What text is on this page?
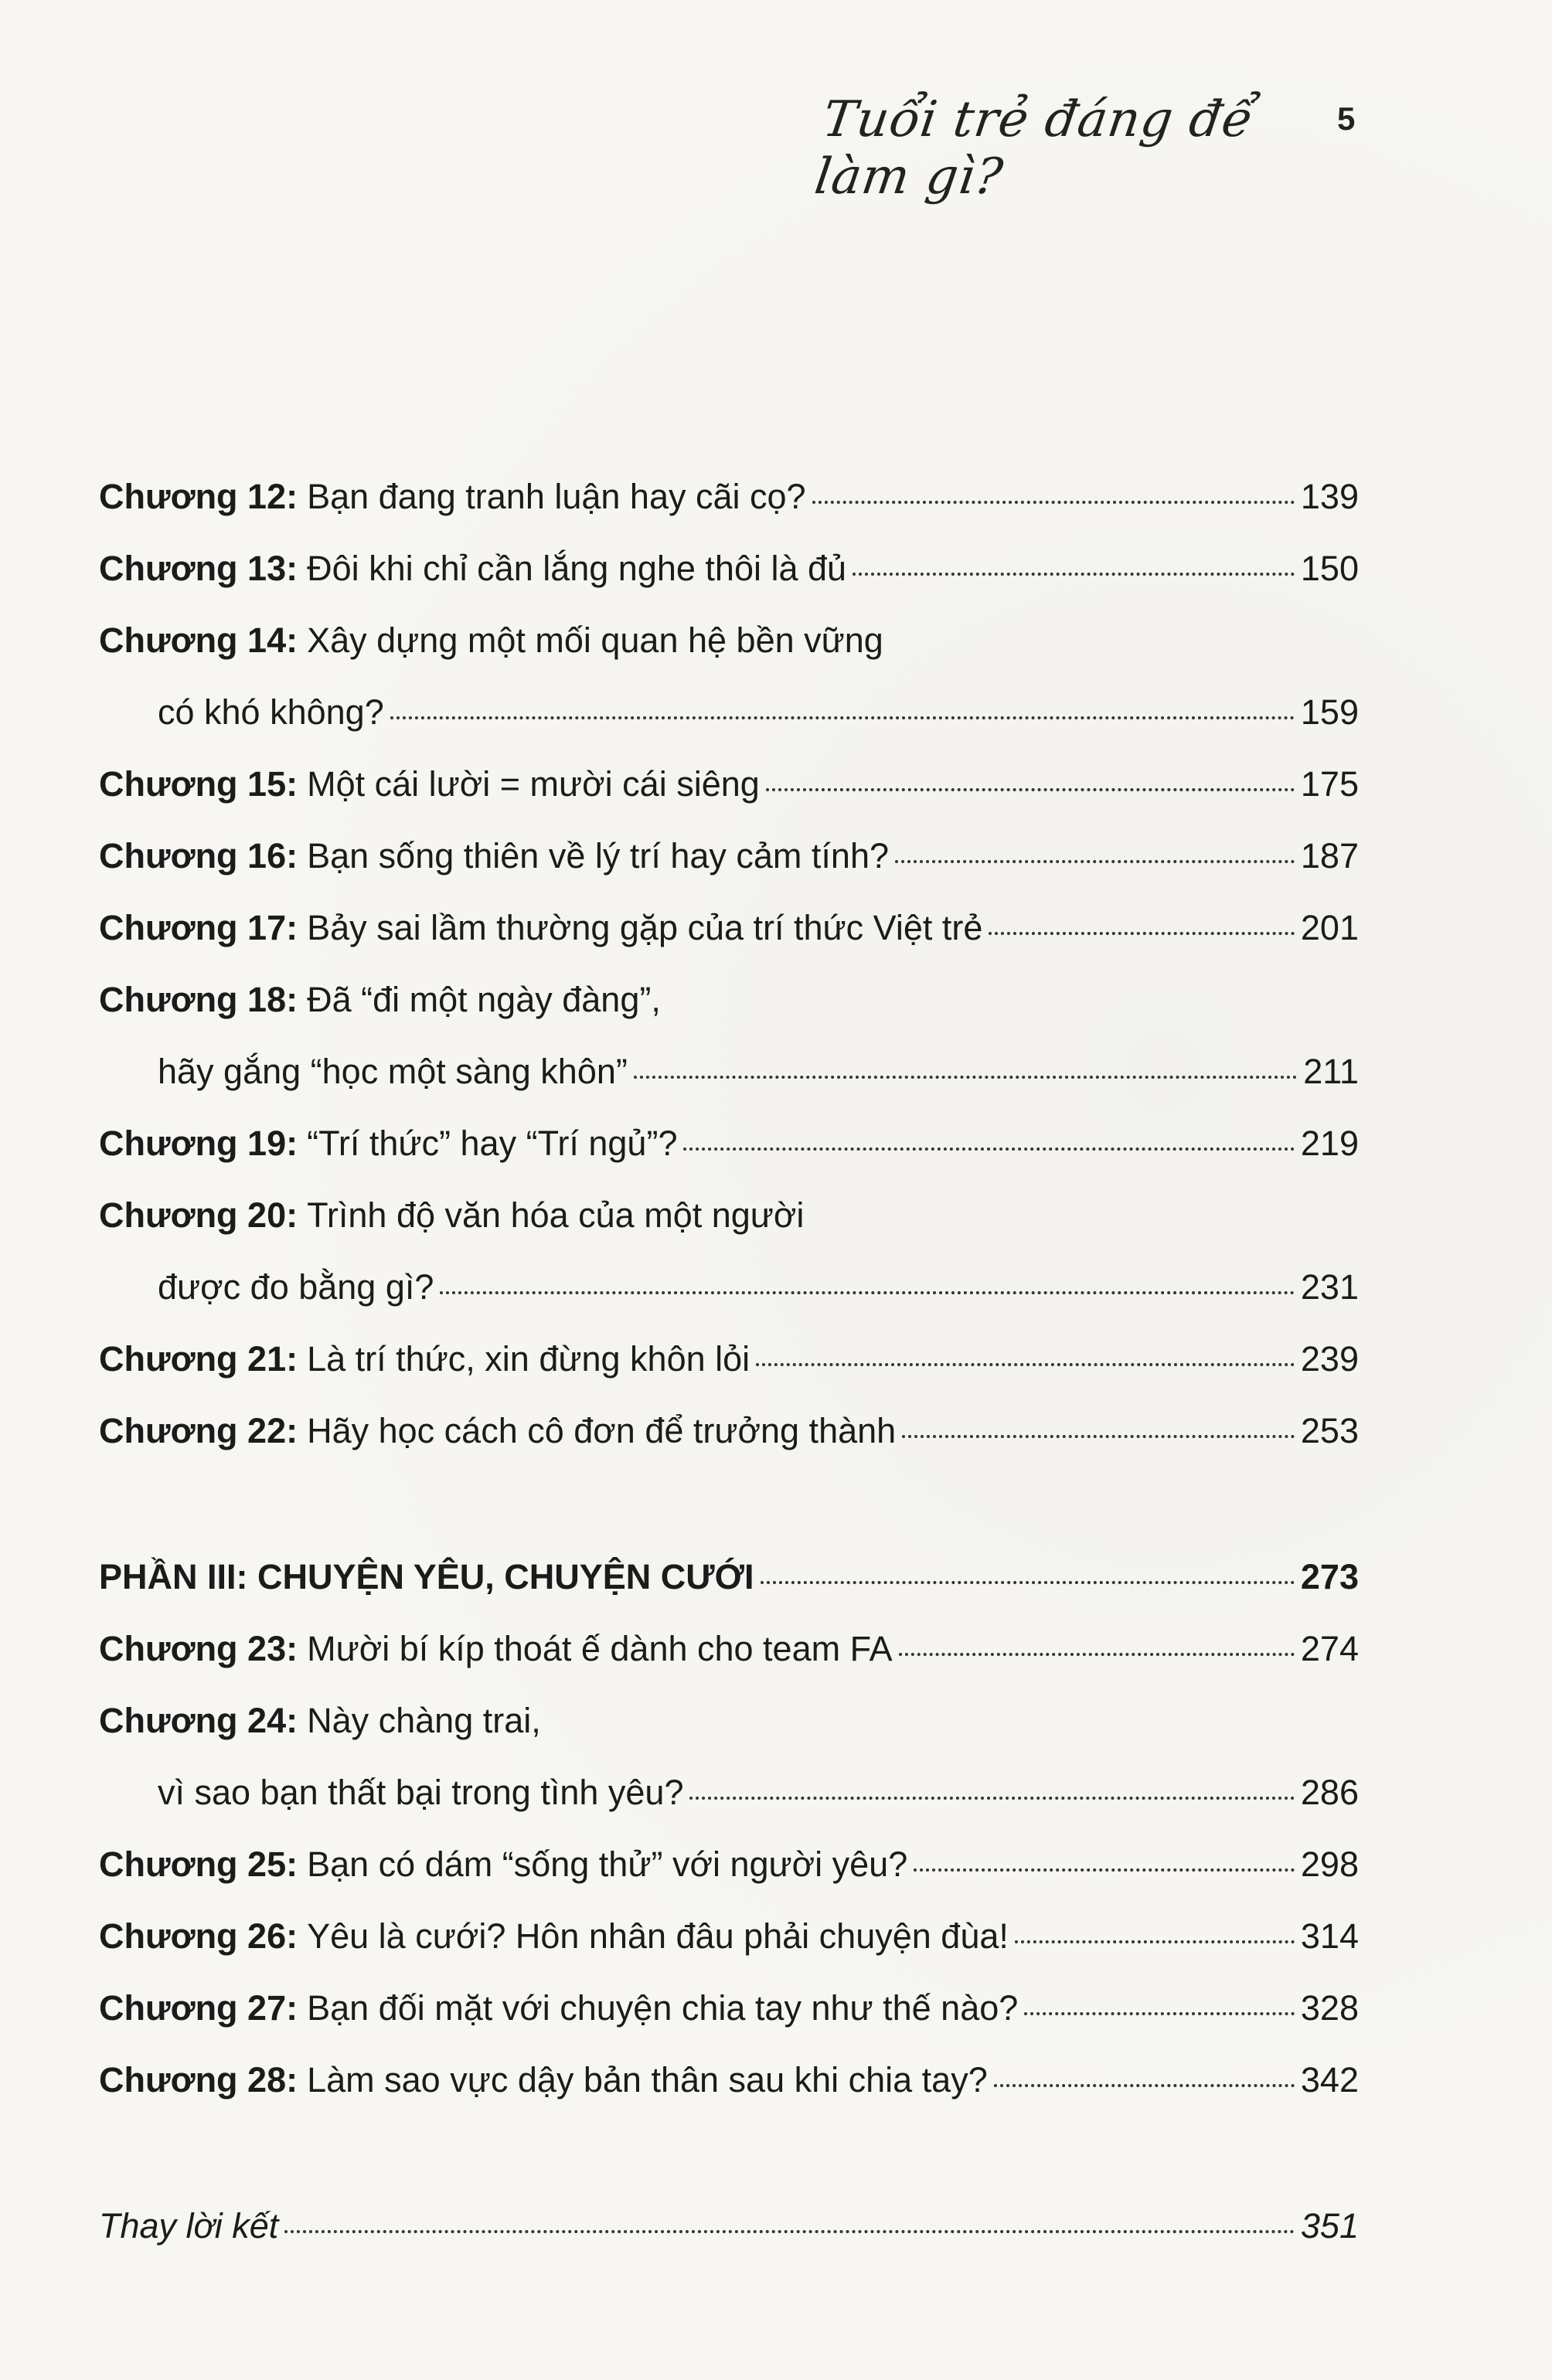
Tuổi trẻ đáng để làm gì?
5
Chương 12: Bạn đang tranh luận hay cãi cọ?	139
Chương 13: Đôi khi chỉ cần lắng nghe thôi là đủ	150
Chương 14: Xây dựng một mối quan hệ bền vững
có khó không?	159
Chương 15: Một cái lười = mười cái siêng	175
Chương 16: Bạn sống thiên về lý trí hay cảm tính?	187
Chương 17: Bảy sai lầm thường gặp của trí thức Việt trẻ	201
Chương 18: Đã “đi một ngày đàng”,
hãy gắng “học một sàng khôn”	211
Chương 19: “Trí thức” hay “Trí ngủ”?	219
Chương 20: Trình độ văn hóa của một người
được đo bằng gì?	231
Chương 21: Là trí thức, xin đừng khôn lỏi	239
Chương 22: Hãy học cách cô đơn để trưởng thành	253
PHẦN III: CHUYỆN YÊU, CHUYỆN CƯỚI	273
Chương 23: Mười bí kíp thoát ế dành cho team FA	274
Chương 24: Này chàng trai,
vì sao bạn thất bại trong tình yêu?	286
Chương 25: Bạn có dám “sống thử” với người yêu?	298
Chương 26: Yêu là cưới? Hôn nhân đâu phải chuyện đùa!	314
Chương 27: Bạn đối mặt với chuyện chia tay như thế nào?	328
Chương 28: Làm sao vực dậy bản thân sau khi chia tay?	342
Thay lời kết	351
